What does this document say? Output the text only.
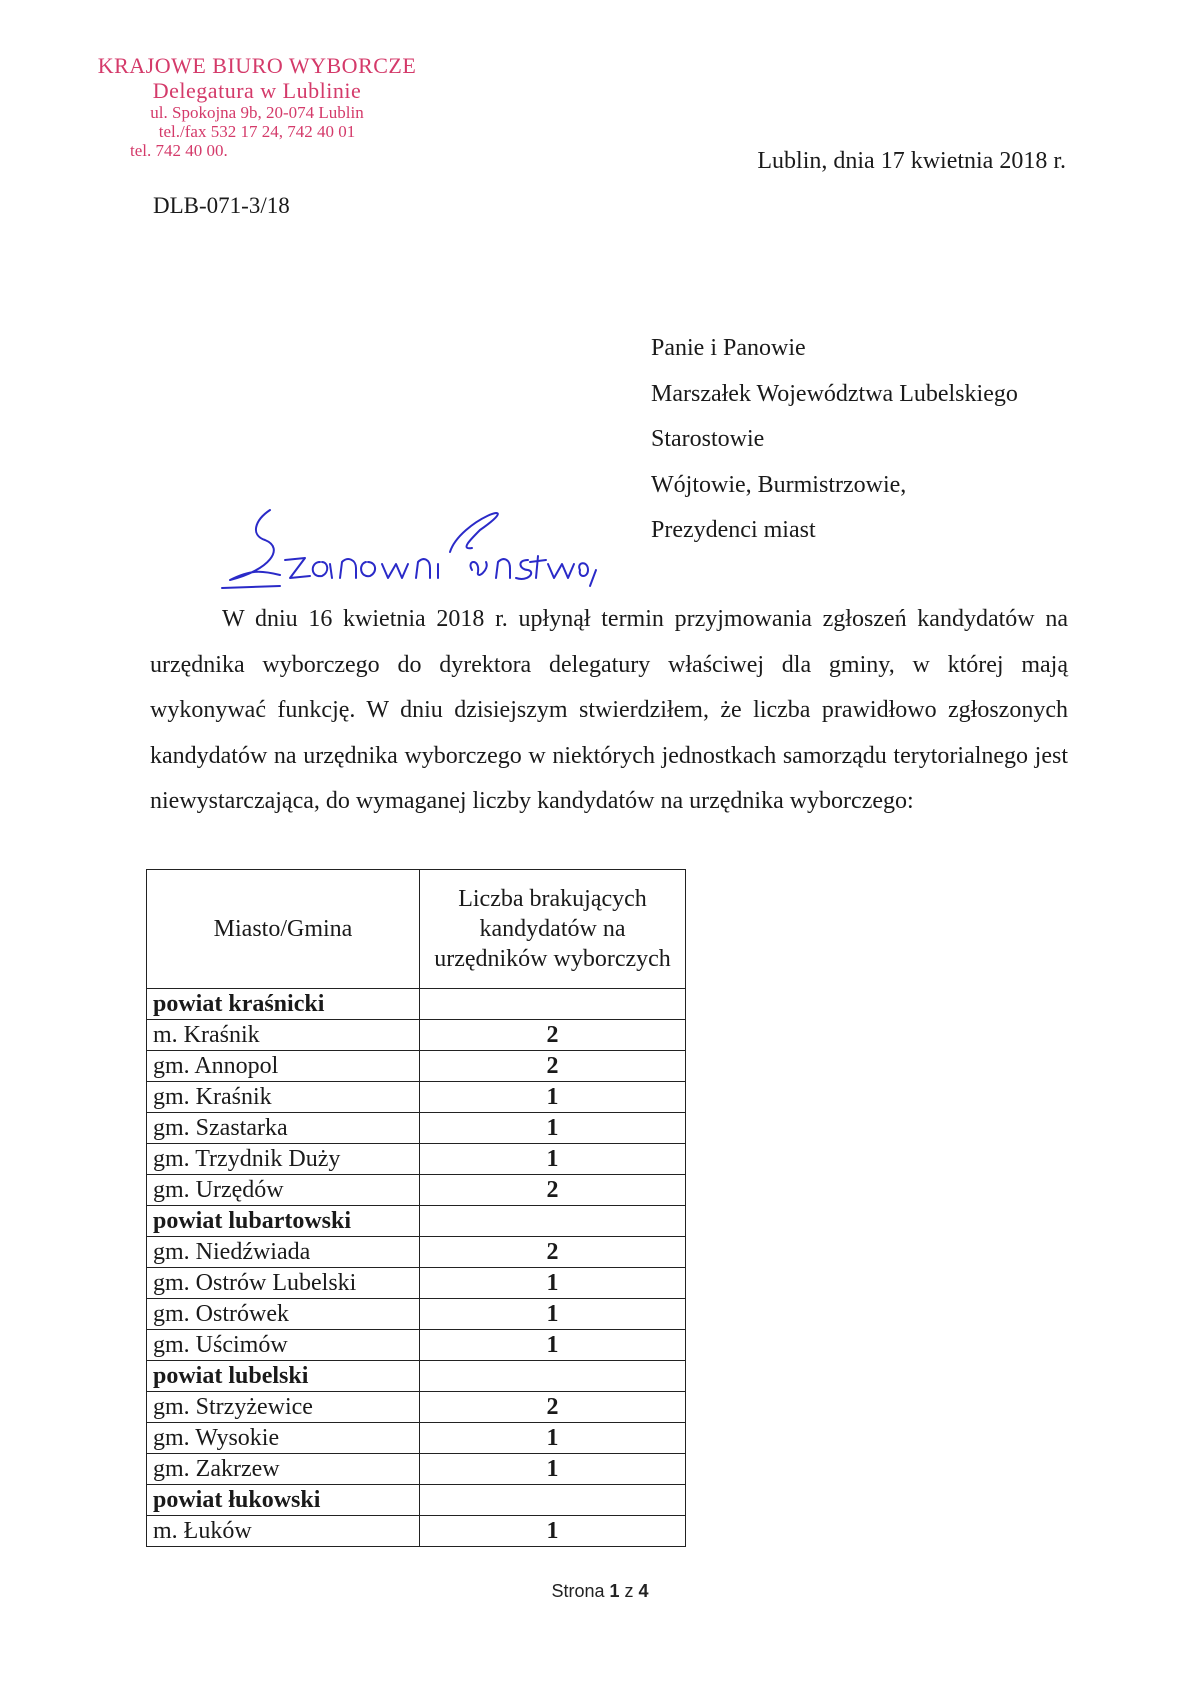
KRAJOWE BIURO WYBORCZE
Delegatura w Lublinie
ul. Spokojna 9b, 20-074 Lublin
tel./fax 532 17 24, 742 40 01
tel. 742 40 00.
DLB-071-3/18
Lublin, dnia 17 kwietnia 2018 r.
Panie i Panowie
Marszałek Województwa Lubelskiego
Starostowie
Wójtowie, Burmistrzowie,
Prezydenci miast
W dniu 16 kwietnia 2018 r. upłynął termin przyjmowania zgłoszeń kandydatów na urzędnika wyborczego do dyrektora delegatury właściwej dla gminy, w której mają wykonywać funkcję. W dniu dzisiejszym stwierdziłem, że liczba prawidłowo zgłoszonych kandydatów na urzędnika wyborczego w niektórych jednostkach samorządu terytorialnego jest niewystarczająca, do wymaganej liczby kandydatów na urzędnika wyborczego:
Miasto/Gmina	Liczba brakujących kandydatów na urzędników wyborczych
powiat kraśnicki	
m. Kraśnik	2
gm. Annopol	2
gm. Kraśnik	1
gm. Szastarka	1
gm. Trzydnik Duży	1
gm. Urzędów	2
powiat lubartowski	
gm. Niedźwiada	2
gm. Ostrów Lubelski	1
gm. Ostrówek	1
gm. Uścimów	1
powiat lubelski	
gm. Strzyżewice	2
gm. Wysokie	1
gm. Zakrzew	1
powiat łukowski	
m. Łuków	1
Strona 1 z 4
